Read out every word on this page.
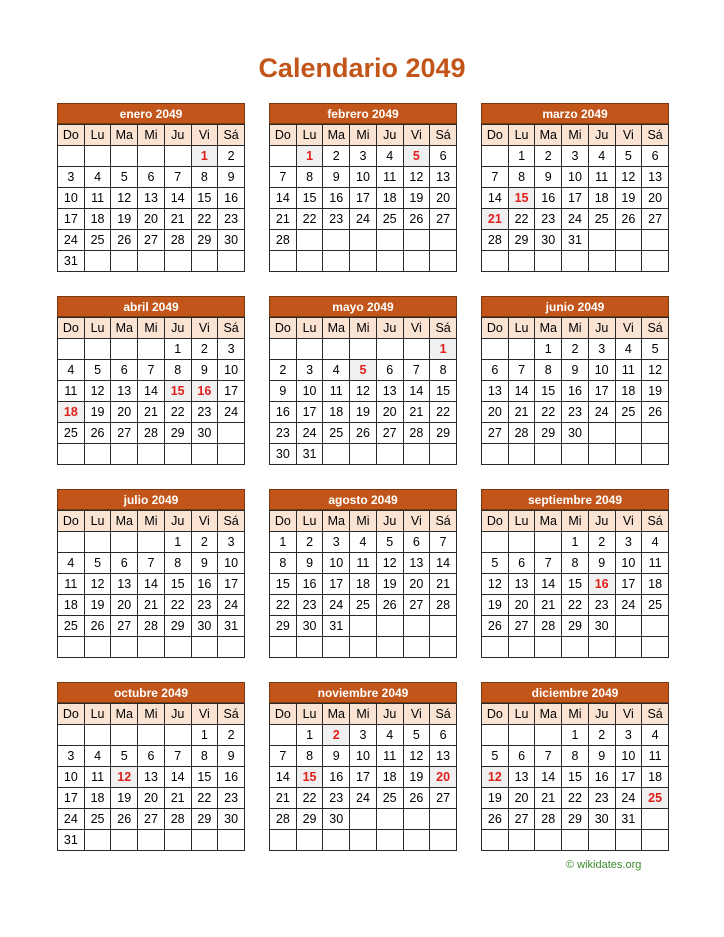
Calendario 2049
enero 2049
Do	Lu	Ma	Mi	Ju	Vi	Sá
					1	2
3	4	5	6	7	8	9
10	11	12	13	14	15	16
17	18	19	20	21	22	23
24	25	26	27	28	29	30
31						
febrero 2049
Do	Lu	Ma	Mi	Ju	Vi	Sá
	1	2	3	4	5	6
7	8	9	10	11	12	13
14	15	16	17	18	19	20
21	22	23	24	25	26	27
28						

marzo 2049
Do	Lu	Ma	Mi	Ju	Vi	Sá
	1	2	3	4	5	6
7	8	9	10	11	12	13
14	15	16	17	18	19	20
21	22	23	24	25	26	27
28	29	30	31			

abril 2049
Do	Lu	Ma	Mi	Ju	Vi	Sá
				1	2	3
4	5	6	7	8	9	10
11	12	13	14	15	16	17
18	19	20	21	22	23	24
25	26	27	28	29	30	

mayo 2049
Do	Lu	Ma	Mi	Ju	Vi	Sá
						1
2	3	4	5	6	7	8
9	10	11	12	13	14	15
16	17	18	19	20	21	22
23	24	25	26	27	28	29
30	31					
junio 2049
Do	Lu	Ma	Mi	Ju	Vi	Sá
		1	2	3	4	5
6	7	8	9	10	11	12
13	14	15	16	17	18	19
20	21	22	23	24	25	26
27	28	29	30			

julio 2049
Do	Lu	Ma	Mi	Ju	Vi	Sá
				1	2	3
4	5	6	7	8	9	10
11	12	13	14	15	16	17
18	19	20	21	22	23	24
25	26	27	28	29	30	31

agosto 2049
Do	Lu	Ma	Mi	Ju	Vi	Sá
1	2	3	4	5	6	7
8	9	10	11	12	13	14
15	16	17	18	19	20	21
22	23	24	25	26	27	28
29	30	31				

septiembre 2049
Do	Lu	Ma	Mi	Ju	Vi	Sá
			1	2	3	4
5	6	7	8	9	10	11
12	13	14	15	16	17	18
19	20	21	22	23	24	25
26	27	28	29	30		

octubre 2049
Do	Lu	Ma	Mi	Ju	Vi	Sá
					1	2
3	4	5	6	7	8	9
10	11	12	13	14	15	16
17	18	19	20	21	22	23
24	25	26	27	28	29	30
31						
noviembre 2049
Do	Lu	Ma	Mi	Ju	Vi	Sá
	1	2	3	4	5	6
7	8	9	10	11	12	13
14	15	16	17	18	19	20
21	22	23	24	25	26	27
28	29	30				

diciembre 2049
Do	Lu	Ma	Mi	Ju	Vi	Sá
			1	2	3	4
5	6	7	8	9	10	11
12	13	14	15	16	17	18
19	20	21	22	23	24	25
26	27	28	29	30	31	

© wikidates.org
